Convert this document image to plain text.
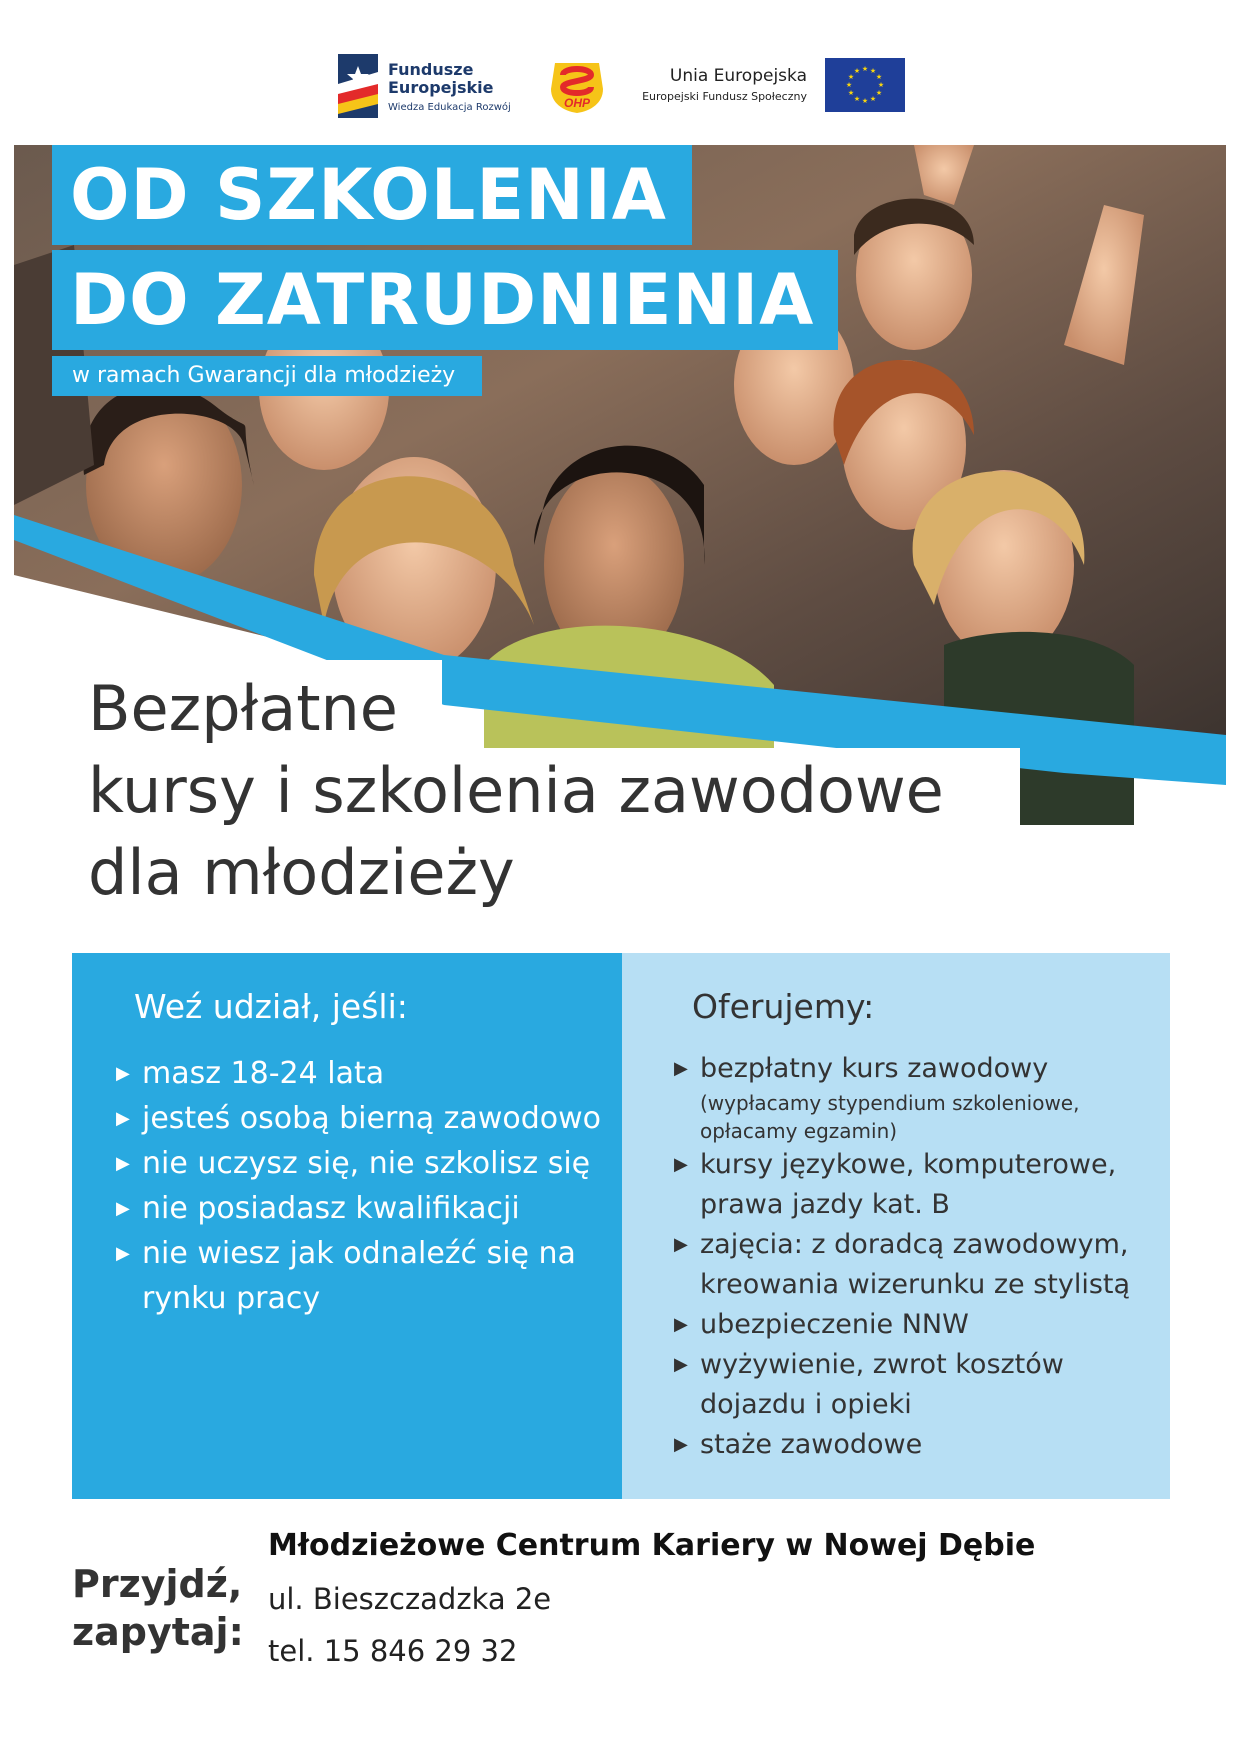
Fundusze
Europejskie
Wiedza Edukacja Rozwój	OHP
Unia Europejska
Europejski Fundusz Społeczny
★ ★
★
★
★
★
★
★
★
★
★
★
OD SZKOLENIA
DO ZATRUDNIENIA
w ramach Gwarancji dla młodzieży
Bezpłatne
kursy i szkolenia zawodowe
dla młodzieży
Weź udział, jeśli:
▶ masz 18-24 lata
▶ jesteś osobą bierną zawodowo
▶ nie uczysz się, nie szkolisz się
▶ nie posiadasz kwalifikacji
▶ nie wiesz jak odnaleźć się na rynku pracy
Oferujemy:
▶ bezpłatny kurs zawodowy
(wypłacamy stypendium szkoleniowe, opłacamy egzamin)
▶ kursy językowe, komputerowe, prawa jazdy kat. B
▶ zajęcia: z doradcą zawodowym, kreowania wizerunku ze stylistą
▶ ubezpieczenie NNW
▶ wyżywienie, zwrot kosztów dojazdu i opieki
▶ staże zawodowe
Przyjdź,
zapytaj:
Młodzieżowe Centrum Kariery w Nowej Dębie
ul. Bieszczadzka 2e
tel. 15 846 29 32
